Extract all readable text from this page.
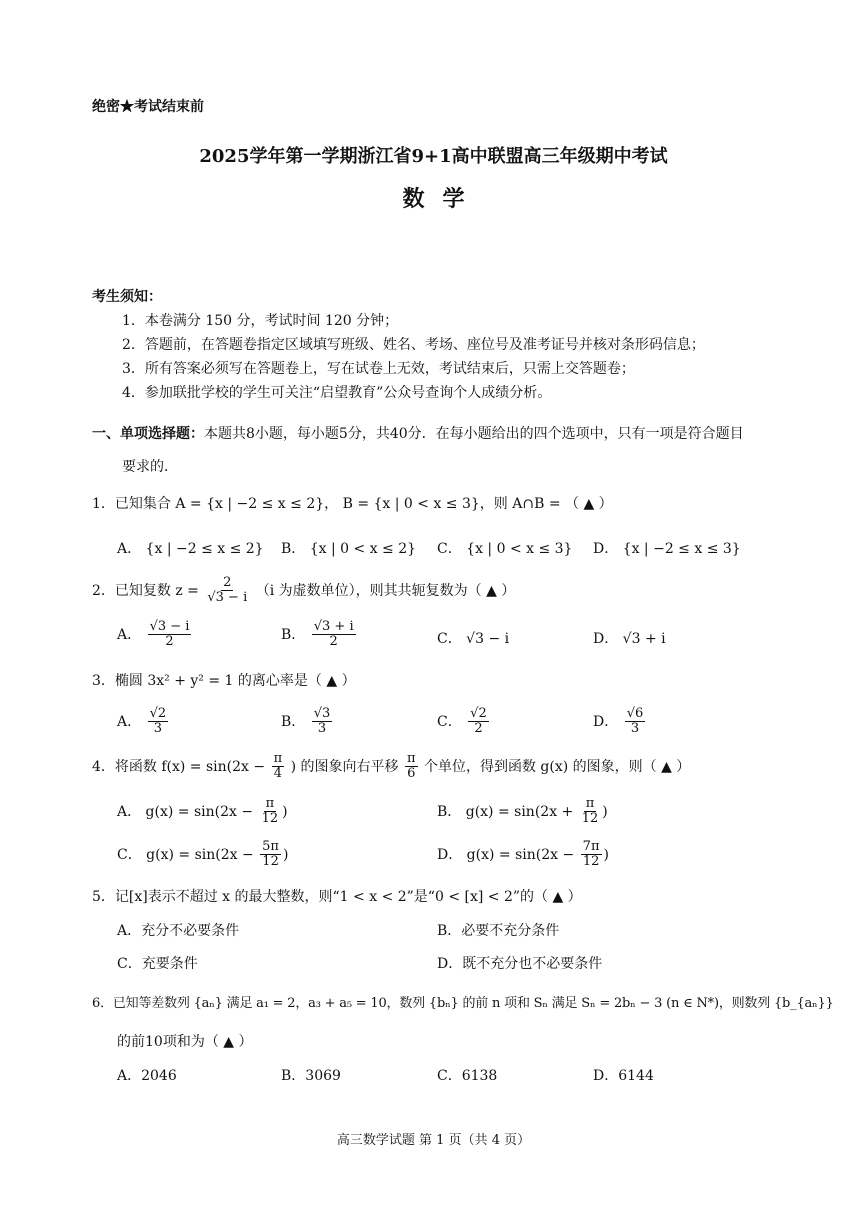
绝密★考试结束前
2025学年第一学期浙江省9+1高中联盟高三年级期中考试
数学
考生须知：
1．本卷满分 150 分，考试时间 120 分钟；
2．答题前，在答题卷指定区域填写班级、姓名、考场、座位号及准考证号并核对条形码信息；
3．所有答案必须写在答题卷上，写在试卷上无效，考试结束后，只需上交答题卷；
4．参加联批学校的学生可关注“启望教育”公众号查询个人成绩分析。
一、单项选择题：本题共8小题，每小题5分，共40分．在每小题给出的四个选项中，只有一项是符合题目
要求的．
1．已知集合 A = {x | −2 ≤ x ≤ 2}， B = {x | 0 < x ≤ 3}，则 A∩B = （ ▲ ）
A． {x | −2 ≤ x ≤ 2} B． {x | 0 < x ≤ 2} C． {x | 0 < x ≤ 3} D． {x | −2 ≤ x ≤ 3}
2．已知复数 $z = \frac{2}{√3 - i} (i$ 为虚数单位），则其共轭复数为（ ▲ ）
A． $\frac{√3 - i}{2}$	B． $\frac{√3 + i}{2}$	C． √3 − i	D． √3 + i
3．椭圆 3x² + y² = 1 的离心率是（ ▲ ）
A． $\frac{√2}{3}$	B． $\frac{√3}{3}$	C． $\frac{√2}{2}$	D． $\frac{√6}{3}$
4．将函数 $f(x) = \sin(2x - \frac{\pi}{4}$ ) 的图象向右平移 $\frac{\pi}{6}$ 个单位，得到函数 g(x) 的图象，则（ ▲ ）
A． $g(x) = \sin(2x - \frac{\pi}{12}$ )	B． $g(x) = \sin(2x + \frac{\pi}{12}$ )
C． $g(x) = \sin(2x - \frac{5\pi}{12}$ )	D． $g(x) = \sin(2x - \frac{7\pi}{12}$ )
5．记[x]表示不超过 x 的最大整数，则“1 < x < 2”是“0 < [x] < 2”的（ ▲ ）
A．充分不必要条件	B．必要不充分条件
C．充要条件	D．既不充分也不必要条件
6．已知等差数列 {aₙ} 满足 a₁ = 2，a₃ + a₅ = 10，数列 {bₙ} 的前 n 项和 Sₙ 满足 Sₙ = 2bₙ − 3 (n ∈ N*)，则数列 {b_{aₙ}}
的前10项和为（ ▲ ）
A．2046	B．3069	C．6138	D．6144
高三数学试题 第 1 页（共 4 页）
